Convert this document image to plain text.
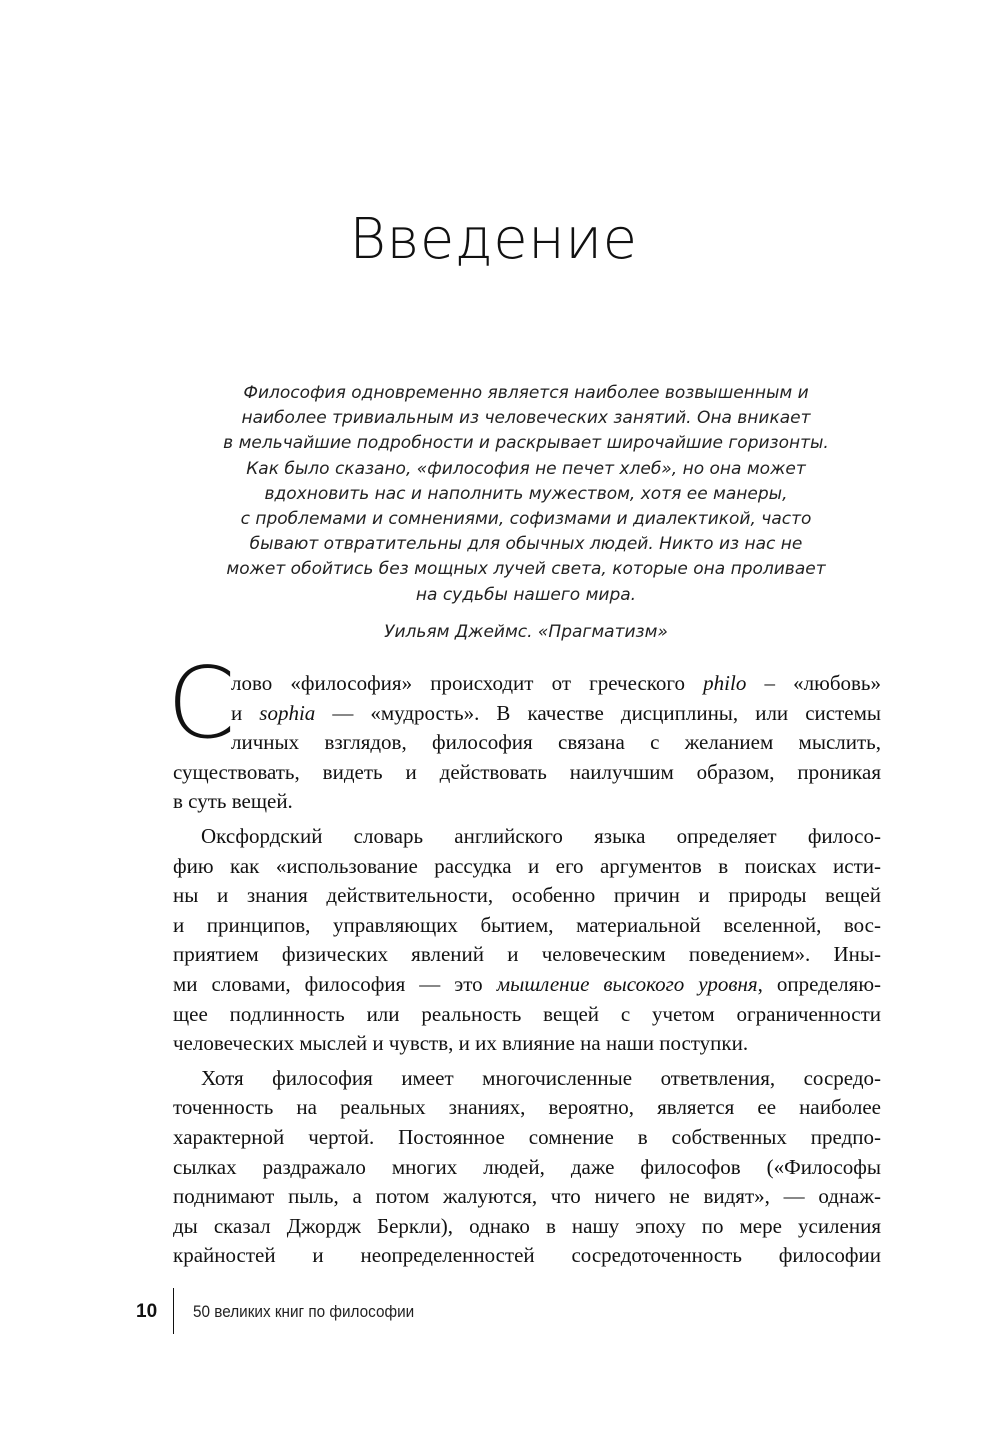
Введение
Философия одновременно является наиболее возвышенным и
наиболее тривиальным из человеческих занятий. Она вникает
в мельчайшие подробности и раскрывает широчайшие горизонты.
Как было сказано, «философия не печет хлеб», но она может
вдохновить нас и наполнить мужеством, хотя ее манеры,
с проблемами и сомнениями, софизмами и диалектикой, часто
бывают отвратительны для обычных людей. Никто из нас не
может обойтись без мощных лучей света, которые она проливает
на судьбы нашего мира.
Уильям Джеймс. «Прагматизм»
С
лово «философия» происходит от греческого philo – «любовь»
и sophia — «мудрость». В качестве дисциплины, или системы
личных взглядов, философия связана с желанием мыслить,
существовать, видеть и действовать наилучшим образом, проникая
в суть вещей.
Оксфордский словарь английского языка определяет филосо-
фию как «использование рассудка и его аргументов в поисках исти-
ны и знания действительности, особенно причин и природы вещей
и принципов, управляющих бытием, материальной вселенной, вос-
приятием физических явлений и человеческим поведением». Ины-
ми словами, философия — это мышление высокого уровня, определяю-
щее подлинность или реальность вещей с учетом ограниченности
человеческих мыслей и чувств, и их влияние на наши поступки.
Хотя философия имеет многочисленные ответвления, сосредо-
точенность на реальных знаниях, вероятно, является ее наиболее
характерной чертой. Постоянное сомнение в собственных предпо-
сылках раздражало многих людей, даже философов («Философы
поднимают пыль, а потом жалуются, что ничего не видят», — однаж-
ды сказал Джордж Беркли), однако в нашу эпоху по мере усиления
крайностей и неопределенностей сосредоточенность философии
10 50 великих книг по философии
